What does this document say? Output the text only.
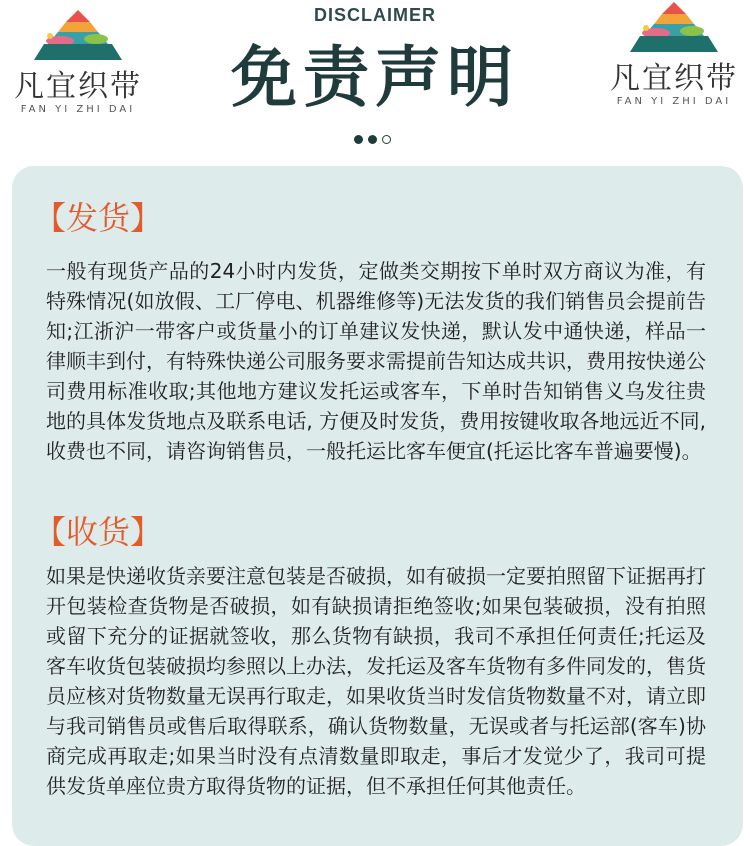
凡宜织带
FAN YI ZHI DAI
凡宜织带
FAN YI ZHI DAI
DISCLAIMER
免责声明
【发货】
一般有现货产品的24小时内发货，定做类交期按下单时双方商议为准，有特殊情况(如放假、工厂停电、机器维修等)无法发货的我们销售员会提前告知;江浙沪一带客户或货量小的订单建议发快递，默认发中通快递，样品一律顺丰到付，有特殊快递公司服务要求需提前告知达成共识，费用按快递公司费用标准收取;其他地方建议发托运或客车，下单时告知销售义乌发往贵地的具体发货地点及联系电话, 方便及时发货，费用按键收取各地远近不同, 收费也不同，请咨询销售员，一般托运比客车便宜(托运比客车普遍要慢)。
【收货】
如果是快递收货亲要注意包装是否破损，如有破损一定要拍照留下证据再打开包装检查货物是否破损，如有缺损请拒绝签收;如果包装破损，没有拍照或留下充分的证据就签收，那么货物有缺损，我司不承担任何责任;托运及客车收货包装破损均参照以上办法，发托运及客车货物有多件同发的，售货员应核对货物数量无误再行取走，如果收货当时发信货物数量不对，请立即与我司销售员或售后取得联系，确认货物数量，无误或者与托运部(客车)协商完成再取走;如果当时没有点清数量即取走，事后才发觉少了，我司可提供发货单座位贵方取得货物的证据，但不承担任何其他责任。
